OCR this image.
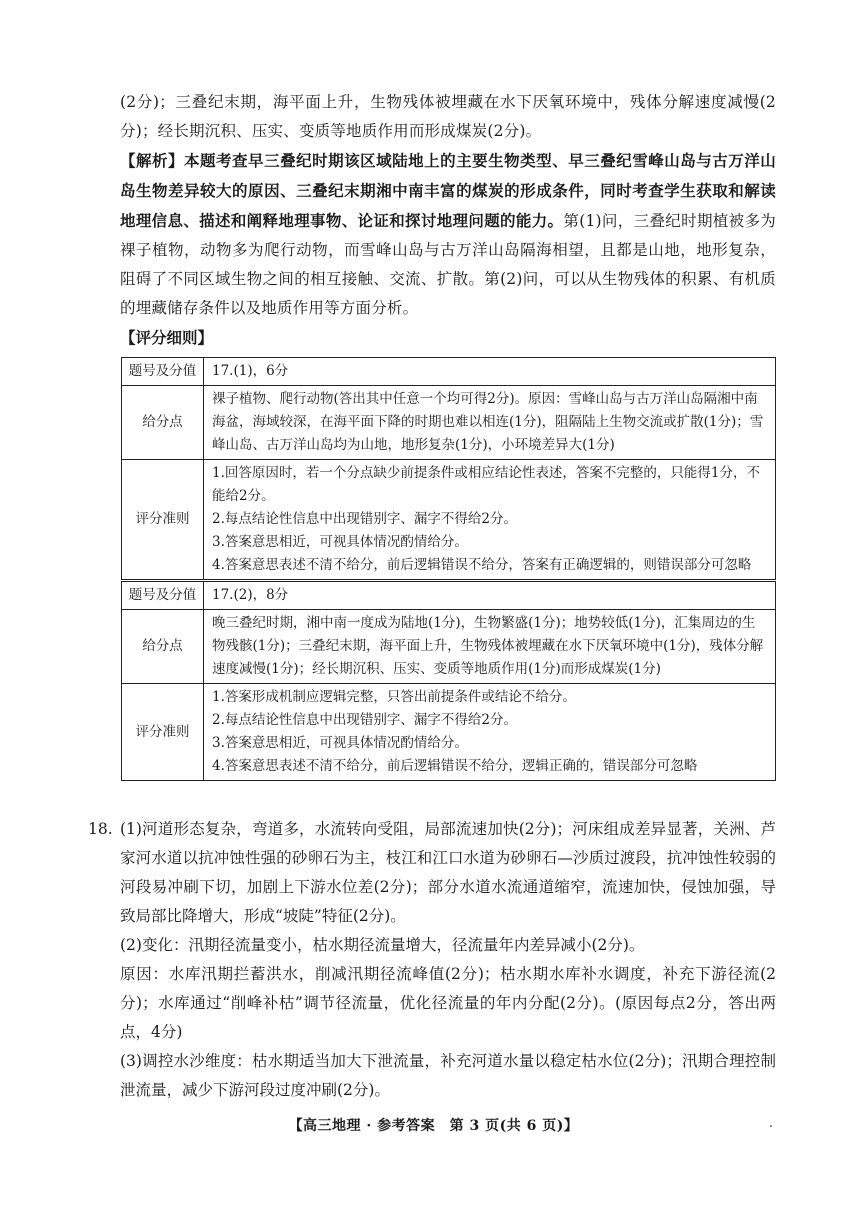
(2分)；三叠纪末期，海平面上升，生物残体被埋藏在水下厌氧环境中，残体分解速度减慢(2分)；经长期沉积、压实、变质等地质作用而形成煤炭(2分)。

【解析】本题考查早三叠纪时期该区域陆地上的主要生物类型、早三叠纪雪峰山岛与古万洋山岛生物差异较大的原因、三叠纪末期湘中南丰富的煤炭的形成条件，同时考查学生获取和解读地理信息、描述和阐释地理事物、论证和探讨地理问题的能力。第(1)问，三叠纪时期植被多为裸子植物，动物多为爬行动物，而雪峰山岛与古万洋山岛隔海相望，且都是山地，地形复杂，阻碍了不同区域生物之间的相互接触、交流、扩散。第(2)问，可以从生物残体的积累、有机质的埋藏储存条件以及地质作用等方面分析。

【评分细则】

题号及分值	17.(1)，6分
给分点	裸子植物、爬行动物(答出其中任意一个均可得2分)。原因：雪峰山岛与古万洋山岛隔湘中南海盆，海域较深，在海平面下降的时期也难以相连(1分)，阻隔陆上生物交流或扩散(1分)；雪峰山岛、古万洋山岛均为山地，地形复杂(1分)，小环境差异大(1分)
评分准则	1.回答原因时，若一个分点缺少前提条件或相应结论性表述，答案不完整的，只能得1分，不能给2分。
2.每点结论性信息中出现错别字、漏字不得给2分。
3.答案意思相近，可视具体情况酌情给分。
4.答案意思表述不清不给分，前后逻辑错误不给分，答案有正确逻辑的，则错误部分可忽略

题号及分值	17.(2)，8分
给分点	晚三叠纪时期，湘中南一度成为陆地(1分)，生物繁盛(1分)；地势较低(1分)，汇集周边的生物残骸(1分)；三叠纪末期，海平面上升，生物残体被埋藏在水下厌氧环境中(1分)，残体分解速度减慢(1分)；经长期沉积、压实、变质等地质作用(1分)而形成煤炭(1分)
评分准则	1.答案形成机制应逻辑完整，只答出前提条件或结论不给分。
2.每点结论性信息中出现错别字、漏字不得给2分。
3.答案意思相近，可视具体情况酌情给分。
4.答案意思表述不清不给分，前后逻辑错误不给分，逻辑正确的，错误部分可忽略
18. (1)河道形态复杂，弯道多，水流转向受阻，局部流速加快(2分)；河床组成差异显著，关洲、芦家河水道以抗冲蚀性强的砂卵石为主，枝江和江口水道为砂卵石—沙质过渡段，抗冲蚀性较弱的河段易冲刷下切，加剧上下游水位差(2分)；部分水道水流通道缩窄，流速加快，侵蚀加强，导致局部比降增大，形成“坡陡”特征(2分)。
(2)变化：汛期径流量变小，枯水期径流量增大，径流量年内差异减小(2分)。
原因：水库汛期拦蓄洪水，削减汛期径流峰值(2分)；枯水期水库补水调度，补充下游径流(2分)；水库通过“削峰补枯”调节径流量，优化径流量的年内分配(2分)。(原因每点2分，答出两点，4分)
(3)调控水沙维度：枯水期适当加大下泄流量，补充河道水量以稳定枯水位(2分)；汛期合理控制泄流量，减少下游河段过度冲刷(2分)。
【高三地理 · 参考答案　第 3 页(共 6 页)】
